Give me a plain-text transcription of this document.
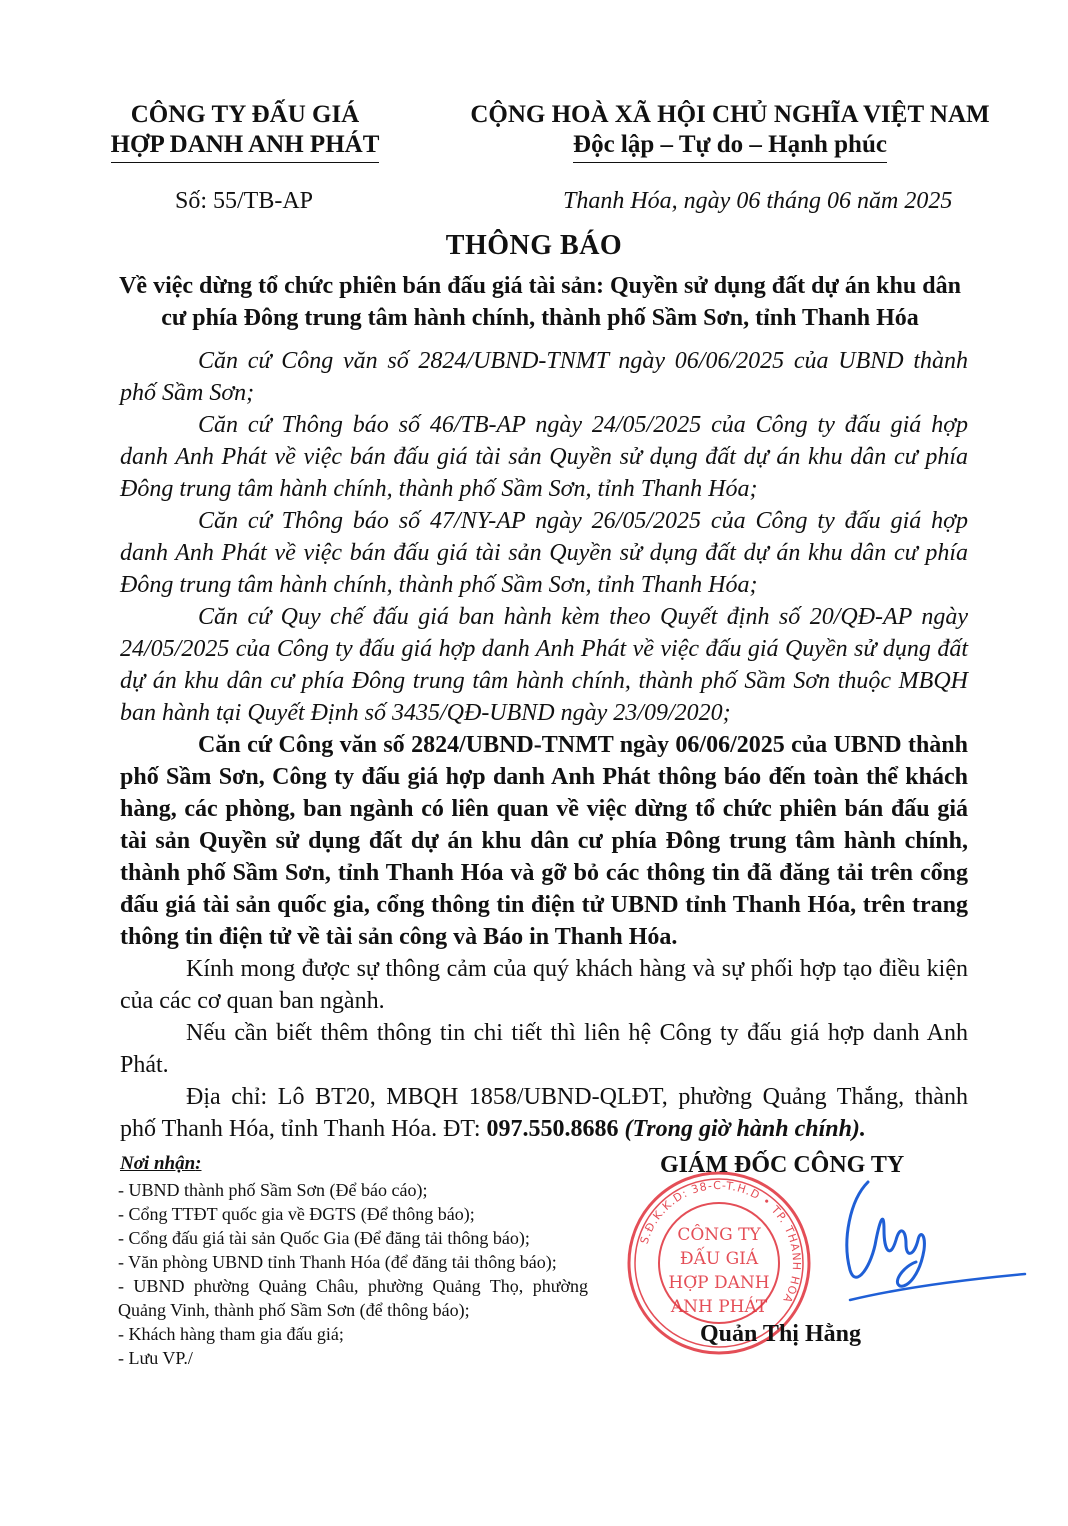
CÔNG TY ĐẤU GIÁ
HỢP DANH ANH PHÁT
CỘNG HOÀ XÃ HỘI CHỦ NGHĨA VIỆT NAM
Độc lập – Tự do – Hạnh phúc
Số: 55/TB-AP	Thanh Hóa, ngày 06 tháng 06 năm 2025
THÔNG BÁO
Về việc dừng tổ chức phiên bán đấu giá tài sản: Quyền sử dụng đất dự án khu dân cư phía Đông trung tâm hành chính, thành phố Sầm Sơn, tỉnh Thanh Hóa

Căn cứ Công văn số 2824/UBND-TNMT ngày 06/06/2025 của UBND thành phố Sầm Sơn;

Căn cứ Thông báo số 46/TB-AP ngày 24/05/2025 của Công ty đấu giá hợp danh Anh Phát về việc bán đấu giá tài sản Quyền sử dụng đất dự án khu dân cư phía Đông trung tâm hành chính, thành phố Sầm Sơn, tỉnh Thanh Hóa;

Căn cứ Thông báo số 47/NY-AP ngày 26/05/2025 của Công ty đấu giá hợp danh Anh Phát về việc bán đấu giá tài sản Quyền sử dụng đất dự án khu dân cư phía Đông trung tâm hành chính, thành phố Sầm Sơn, tỉnh Thanh Hóa;

Căn cứ Quy chế đấu giá ban hành kèm theo Quyết định số 20/QĐ-AP ngày 24/05/2025 của Công ty đấu giá hợp danh Anh Phát về việc đấu giá Quyền sử dụng đất dự án khu dân cư phía Đông trung tâm hành chính, thành phố Sầm Sơn thuộc MBQH ban hành tại Quyết Định số 3435/QĐ-UBND ngày 23/09/2020;

Căn cứ Công văn số 2824/UBND-TNMT ngày 06/06/2025 của UBND thành phố Sầm Sơn, Công ty đấu giá hợp danh Anh Phát thông báo đến toàn thể khách hàng, các phòng, ban ngành có liên quan về việc dừng tổ chức phiên bán đấu giá tài sản Quyền sử dụng đất dự án khu dân cư phía Đông trung tâm hành chính, thành phố Sầm Sơn, tỉnh Thanh Hóa và gỡ bỏ các thông tin đã đăng tải trên cổng đấu giá tài sản quốc gia, cổng thông tin điện tử UBND tỉnh Thanh Hóa, trên trang thông tin điện tử về tài sản công và Báo in Thanh Hóa.

Kính mong được sự thông cảm của quý khách hàng và sự phối hợp tạo điều kiện của các cơ quan ban ngành.

Nếu cần biết thêm thông tin chi tiết thì liên hệ Công ty đấu giá hợp danh Anh Phát.

Địa chỉ: Lô BT20, MBQH 1858/UBND-QLĐT, phường Quảng Thắng, thành phố Thanh Hóa, tỉnh Thanh Hóa. ĐT: 097.550.8686 (Trong giờ hành chính).

Nơi nhận:
- UBND thành phố Sầm Sơn (Để báo cáo);
- Cổng TTĐT quốc gia về ĐGTS (Để thông báo);
- Cổng đấu giá tài sản Quốc Gia (Để đăng tải thông báo);
- Văn phòng UBND tỉnh Thanh Hóa (để đăng tải thông báo);
- UBND phường Quảng Châu, phường Quảng Thọ, phường Quảng Vinh, thành phố Sầm Sơn (để thông báo);
- Khách hàng tham gia đấu giá;
- Lưu VP./
S.Đ.K.K.D: 38-C-T.H.D • TP. THANH HÓA
CÔNG TY
ĐẤU GIÁ
HỢP DANH
ANH PHÁT
GIÁM ĐỐC CÔNG TY
Quản Thị Hằng
